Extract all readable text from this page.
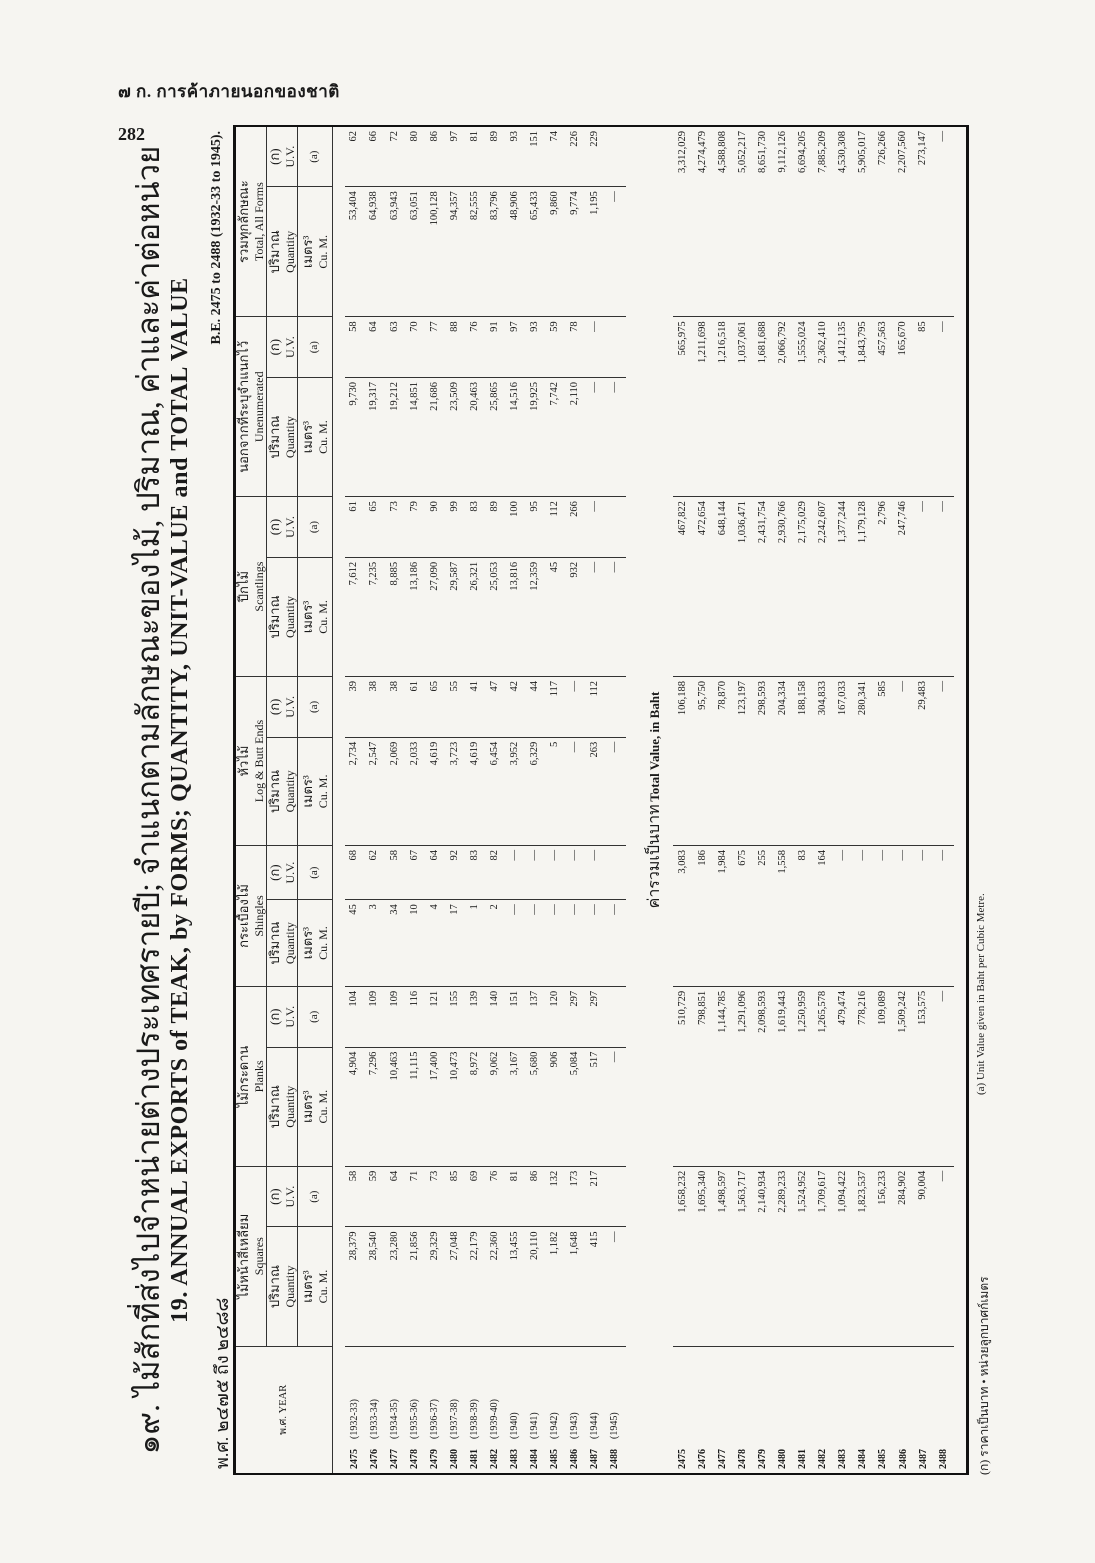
๗ ก. การค้าภายนอกของชาติ
282
๑๙. ไม้สักที่ส่งไปจำหน่ายต่างประเทศรายปี; จำแนกตามลักษณะของไม้, ปริมาณ, ค่าและค่าต่อหน่วย 19. ANNUAL EXPORTS of TEAK, by FORMS; QUANTITY, UNIT-VALUE and TOTAL VALUE
พ.ศ. ๒๔๗๕ ถึง ๒๔๘๘
B.E. 2475 to 2488 (1932-33 to 1945).
พ.ศ. YEAR	ไม้หน้าสี่เหลี่ยม Squares		ไม้กระดาน Planks		กระเบื้องไม้ Shingles		หัวไม้ Log & Butt Ends		ปีกไม้ Scantlings		นอกจากที่ระบุจำแนกไว้ Unenumerated		รวมทุกลักษณะ Total, All Forms	

	ปริมาณ Quantity	(ก) U.V.	ปริมาณ Quantity	(ก) U.V.	ปริมาณ Quantity	(ก) U.V.	ปริมาณ Quantity	(ก) U.V.	ปริมาณ Quantity	(ก) U.V.	ปริมาณ Quantity	(ก) U.V.	ปริมาณ Quantity	(ก) U.V.

	เมตร³ Cu. M.	(a)	เมตร³ Cu. M.	(a)	เมตร³ Cu. M.	(a)	เมตร³ Cu. M.	(a)	เมตร³ Cu. M.	(a)	เมตร³ Cu. M.	(a)	เมตร³ Cu. M.	(a)

2475(1932-33)	28,379	58	4,904	104	45	68	2,734	39	7,612	61	9,730	58	53,404	62
2476(1933-34)	28,540	59	7,296	109	3	62	2,547	38	7,235	65	19,317	64	64,938	66
2477(1934-35)	23,280	64	10,463	109	34	58	2,069	38	8,885	73	19,212	63	63,943	72
2478(1935-36)	21,856	71	11,115	116	10	67	2,033	61	13,186	79	14,851	70	63,051	80
2479(1936-37)	29,329	73	17,400	121	4	64	4,619	65	27,090	90	21,686	77	100,128	86
2480(1937-38)	27,048	85	10,473	155	17	92	3,723	55	29,587	99	23,509	88	94,357	97
2481(1938-39)	22,179	69	8,972	139	1	83	4,619	41	26,321	83	20,463	76	82,555	81
2482(1939-40)	22,360	76	9,062	140	2	82	6,454	47	25,053	89	25,865	91	83,796	89
2483(1940)	13,455	81	3,167	151	—	—	3,952	42	13,816	100	14,516	97	48,906	93
2484(1941)	20,110	86	5,680	137	—	—	6,329	44	12,359	95	19,925	93	65,433	151
2485(1942)	1,182	132	906	120	—	—	5	117	45	112	7,742	59	9,860	74
2486(1943)	1,648	173	5,084	297	—	—	—	—	932	266	2,110	78	9,774	226
2487(1944)	415	217	517	297	—	—	263	112	—	—	—	—	1,195	229
2488(1945)	—		—		—		—		—		—		—	

ค่ารวมเป็นบาท Total Value, in Baht														
2475	1,658,232		510,729		3,083		106,188		467,822		565,975		3,312,029	
2476	1,695,340		798,851		186		95,750		472,654		1,211,698		4,274,479	
2477	1,498,597		1,144,785		1,984		78,870		648,144		1,216,518		4,588,808	
2478	1,563,717		1,291,096		675		123,197		1,036,471		1,037,061		5,052,217	
2479	2,140,934		2,098,593		255		298,593		2,431,754		1,681,688		8,651,730	
2480	2,289,233		1,619,443		1,558		204,334		2,930,766		2,066,792		9,112,126	
2481	1,524,952		1,250,959		83		188,158		2,175,029		1,555,024		6,694,205	
2482	1,709,617		1,265,578		164		304,833		2,242,607		2,362,410		7,885,209	
2483	1,094,422		479,474		—		167,033		1,377,244		1,412,135		4,530,308	
2484	1,823,537		778,216		—		280,341		1,179,128		1,843,795		5,905,017	
2485	156,233		109,089		—		585		2,796		457,563		726,266	
2486	284,902		1,509,242		—		—		247,746		165,670		2,207,560	
2487	90,004		153,575		—		29,483		—		85		273,147	
2488	—		—		—		—		—		—		—	

(ก) ราคาเป็นบาท • หน่วยลูกบาศก์เมตร
(a) Unit Value given in Baht per Cubic Metre.
